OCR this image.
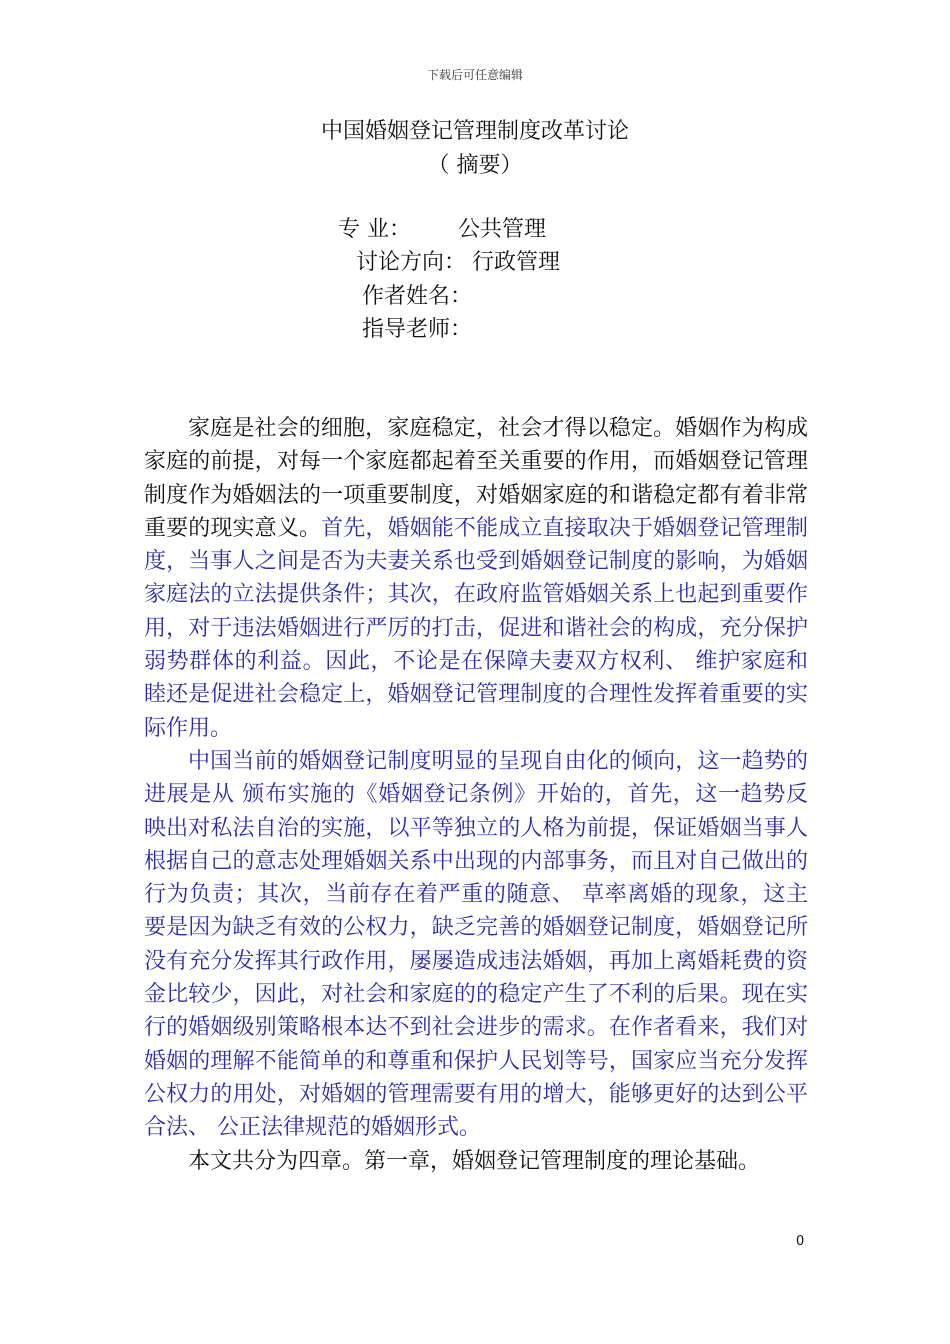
下载后可任意编辑
中国婚姻登记管理制度改革讨论
（ 摘要）
专 业： 公共管理
讨论方向： 行政管理
作者姓名：
指导老师：

家庭是社会的细胞，家庭稳定，社会才得以稳定。婚姻作为构成家庭的前提，对每一个家庭都起着至关重要的作用，而婚姻登记管理制度作为婚姻法的一项重要制度，对婚姻家庭的和谐稳定都有着非常重要的现实意义。首先，婚姻能不能成立直接取决于婚姻登记管理制度，当事人之间是否为夫妻关系也受到婚姻登记制度的影响，为婚姻家庭法的立法提供条件；其次，在政府监管婚姻关系上也起到重要作用，对于违法婚姻进行严厉的打击，促进和谐社会的构成，充分保护弱势群体的利益。因此，不论是在保障夫妻双方权利、 维护家庭和睦还是促进社会稳定上，婚姻登记管理制度的合理性发挥着重要的实际作用。

中国当前的婚姻登记制度明显的呈现自由化的倾向，这一趋势的进展是从 颁布实施的《婚姻登记条例》开始的，首先，这一趋势反映出对私法自治的实施，以平等独立的人格为前提，保证婚姻当事人根据自己的意志处理婚姻关系中出现的内部事务，而且对自己做出的行为负责；其次，当前存在着严重的随意、 草率离婚的现象，这主要是因为缺乏有效的公权力，缺乏完善的婚姻登记制度，婚姻登记所没有充分发挥其行政作用，屡屡造成违法婚姻，再加上离婚耗费的资金比较少，因此，对社会和家庭的的稳定产生了不利的后果。现在实行的婚姻级别策略根本达不到社会进步的需求。在作者看来，我们对婚姻的理解不能简单的和尊重和保护人民划等号，国家应当充分发挥公权力的用处，对婚姻的管理需要有用的增大，能够更好的达到公平合法、 公正法律规范的婚姻形式。

本文共分为四章。第一章，婚姻登记管理制度的理论基础。

0
